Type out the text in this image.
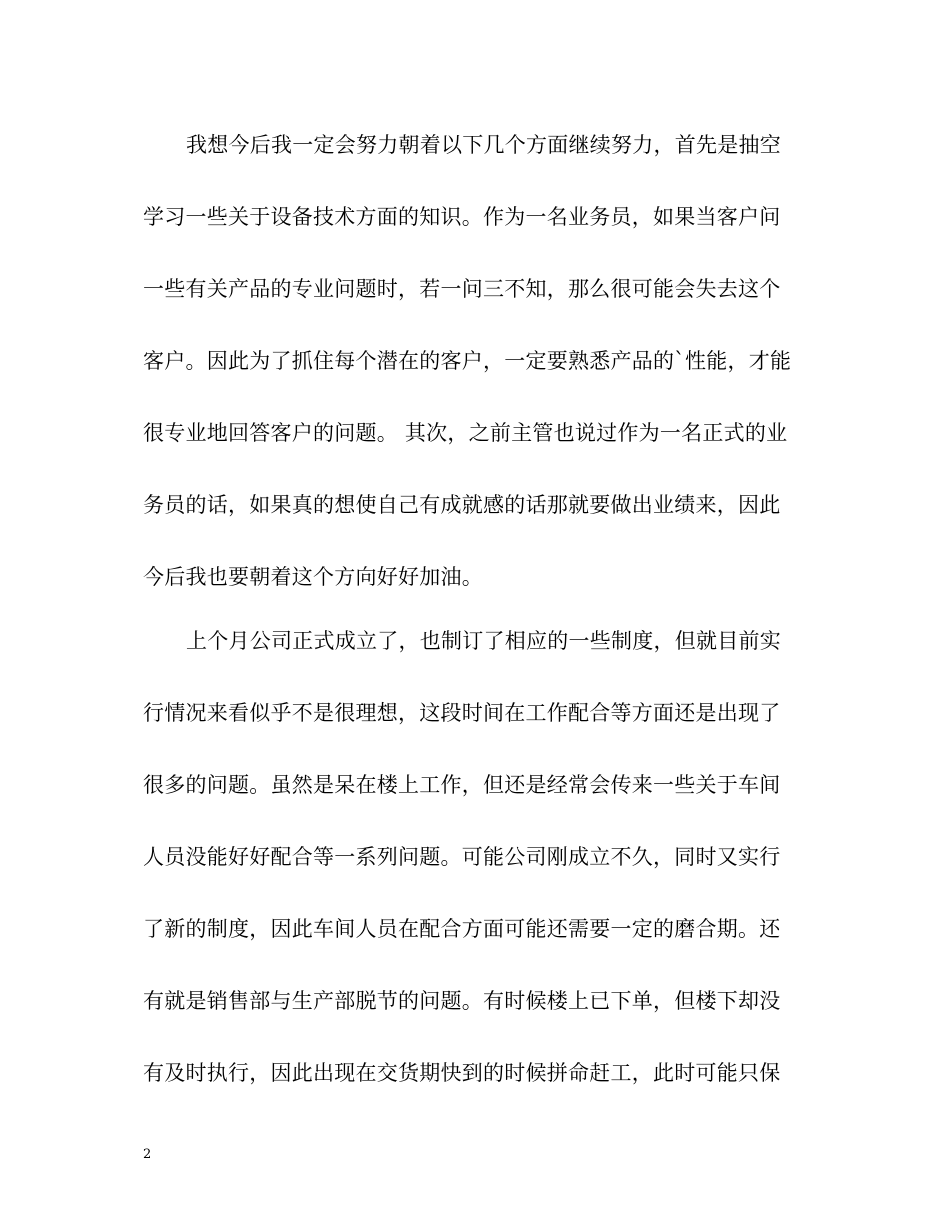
我想今后我一定会努力朝着以下几个方面继续努力，首先是抽空
学习一些关于设备技术方面的知识。作为一名业务员，如果当客户问
一些有关产品的专业问题时，若一问三不知，那么很可能会失去这个
客户。因此为了抓住每个潜在的客户，一定要熟悉产品的`性能，才能
很专业地回答客户的问题。 其次，之前主管也说过作为一名正式的业
务员的话，如果真的想使自己有成就感的话那就要做出业绩来，因此
今后我也要朝着这个方向好好加油。
上个月公司正式成立了，也制订了相应的一些制度，但就目前实
行情况来看似乎不是很理想，这段时间在工作配合等方面还是出现了
很多的问题。虽然是呆在楼上工作，但还是经常会传来一些关于车间
人员没能好好配合等一系列问题。可能公司刚成立不久，同时又实行
了新的制度，因此车间人员在配合方面可能还需要一定的磨合期。还
有就是销售部与生产部脱节的问题。有时候楼上已下单，但楼下却没
有及时执行，因此出现在交货期快到的时候拼命赶工，此时可能只保
2
